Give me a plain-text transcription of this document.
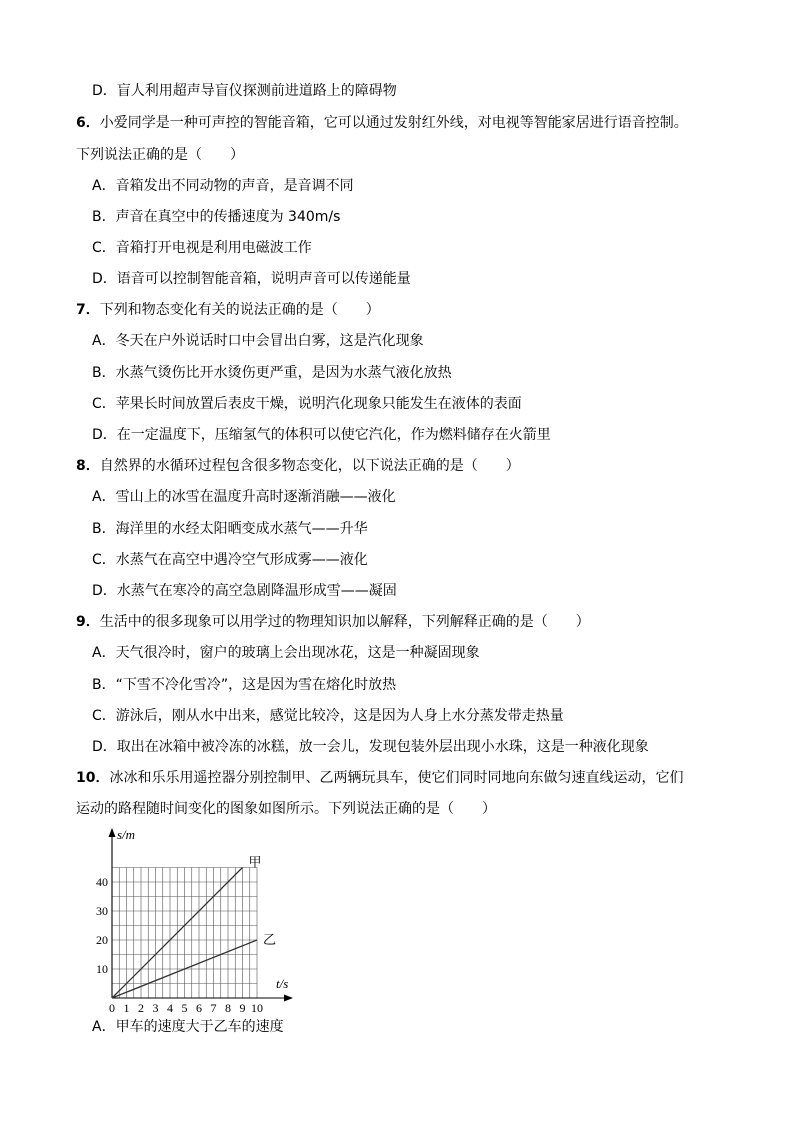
D．盲人利用超声导盲仪探测前进道路上的障碍物
6．小爱同学是一种可声控的智能音箱，它可以通过发射红外线，对电视等智能家居进行语音控制。
下列说法正确的是（　　）
A．音箱发出不同动物的声音，是音调不同
B．声音在真空中的传播速度为 340m/s
C．音箱打开电视是利用电磁波工作
D．语音可以控制智能音箱，说明声音可以传递能量
7．下列和物态变化有关的说法正确的是（　　）
A．冬天在户外说话时口中会冒出白雾，这是汽化现象
B．水蒸气烫伤比开水烫伤更严重，是因为水蒸气液化放热
C．苹果长时间放置后表皮干燥，说明汽化现象只能发生在液体的表面
D．在一定温度下，压缩氢气的体积可以使它汽化，作为燃料储存在火箭里
8．自然界的水循环过程包含很多物态变化，以下说法正确的是（　　）
A．雪山上的冰雪在温度升高时逐渐消融——液化
B．海洋里的水经太阳晒变成水蒸气——升华
C．水蒸气在高空中遇冷空气形成雾——液化
D．水蒸气在寒冷的高空急剧降温形成雪——凝固
9．生活中的很多现象可以用学过的物理知识加以解释，下列解释正确的是（　　）
A．天气很冷时，窗户的玻璃上会出现冰花，这是一种凝固现象
B．“下雪不冷化雪冷”，这是因为雪在熔化时放热
C．游泳后，刚从水中出来，感觉比较冷，这是因为人身上水分蒸发带走热量
D．取出在冰箱中被冷冻的冰糕，放一会儿，发现包装外层出现小水珠，这是一种液化现象
10．冰冰和乐乐用遥控器分别控制甲、乙两辆玩具车，使它们同时同地向东做匀速直线运动，它们
运动的路程随时间变化的图象如图所示。下列说法正确的是（　　）
s/m
t/s
0 1 2 3 4 5 6 7 8 9 10
10
20
30
40
甲
乙
A．甲车的速度大于乙车的速度
